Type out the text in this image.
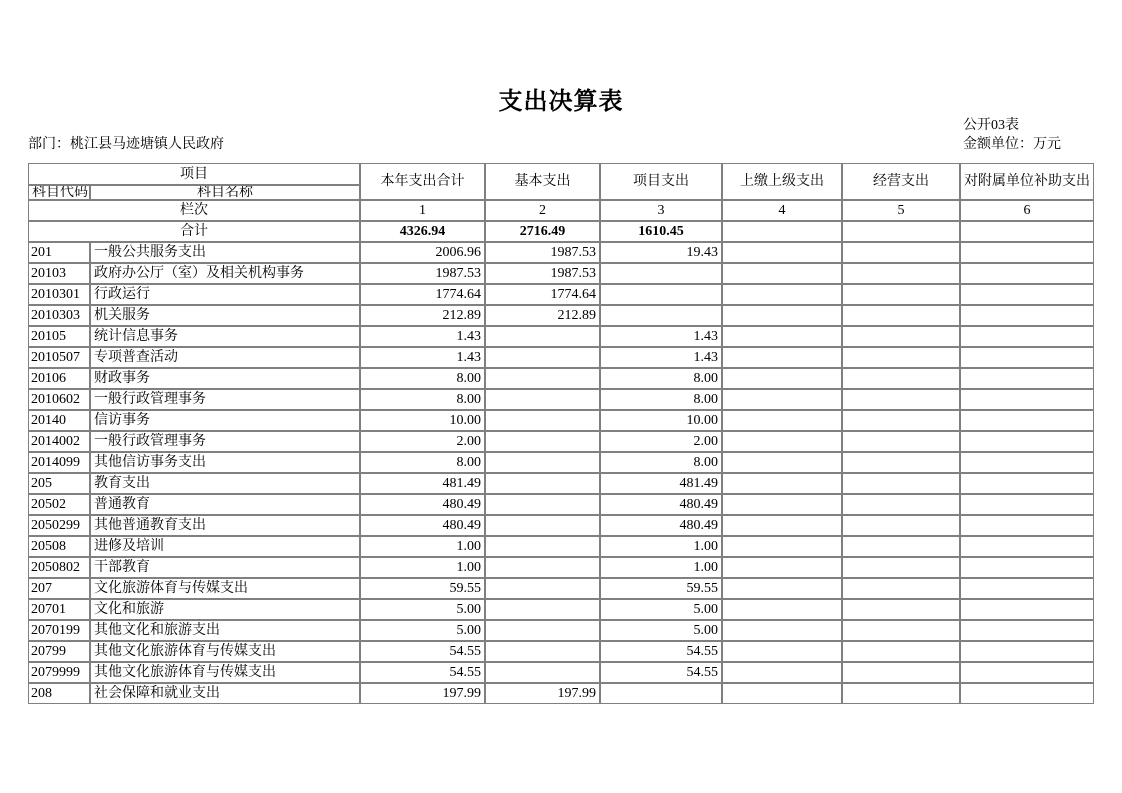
支出决算表
公开03表
部门：桃江县马迹塘镇人民政府	金额单位：万元
项目		本年支出合计	基本支出	项目支出	上缴上级支出	经营支出	对附属单位补助支出
科目代码	科目名称						
栏次		1	2	3	4	5	6
合计		4326.94	2716.49	1610.45			
201	一般公共服务支出	2006.96	1987.53	19.43			
20103	政府办公厅（室）及相关机构事务	1987.53	1987.53				
2010301	行政运行	1774.64	1774.64				
2010303	机关服务	212.89	212.89				
20105	统计信息事务	1.43		1.43			
2010507	专项普查活动	1.43		1.43			
20106	财政事务	8.00		8.00			
2010602	一般行政管理事务	8.00		8.00			
20140	信访事务	10.00		10.00			
2014002	一般行政管理事务	2.00		2.00			
2014099	其他信访事务支出	8.00		8.00			
205	教育支出	481.49		481.49			
20502	普通教育	480.49		480.49			
2050299	其他普通教育支出	480.49		480.49			
20508	进修及培训	1.00		1.00			
2050802	干部教育	1.00		1.00			
207	文化旅游体育与传媒支出	59.55		59.55			
20701	文化和旅游	5.00		5.00			
2070199	其他文化和旅游支出	5.00		5.00			
20799	其他文化旅游体育与传媒支出	54.55		54.55			
2079999	其他文化旅游体育与传媒支出	54.55		54.55			
208	社会保障和就业支出	197.99	197.99				
